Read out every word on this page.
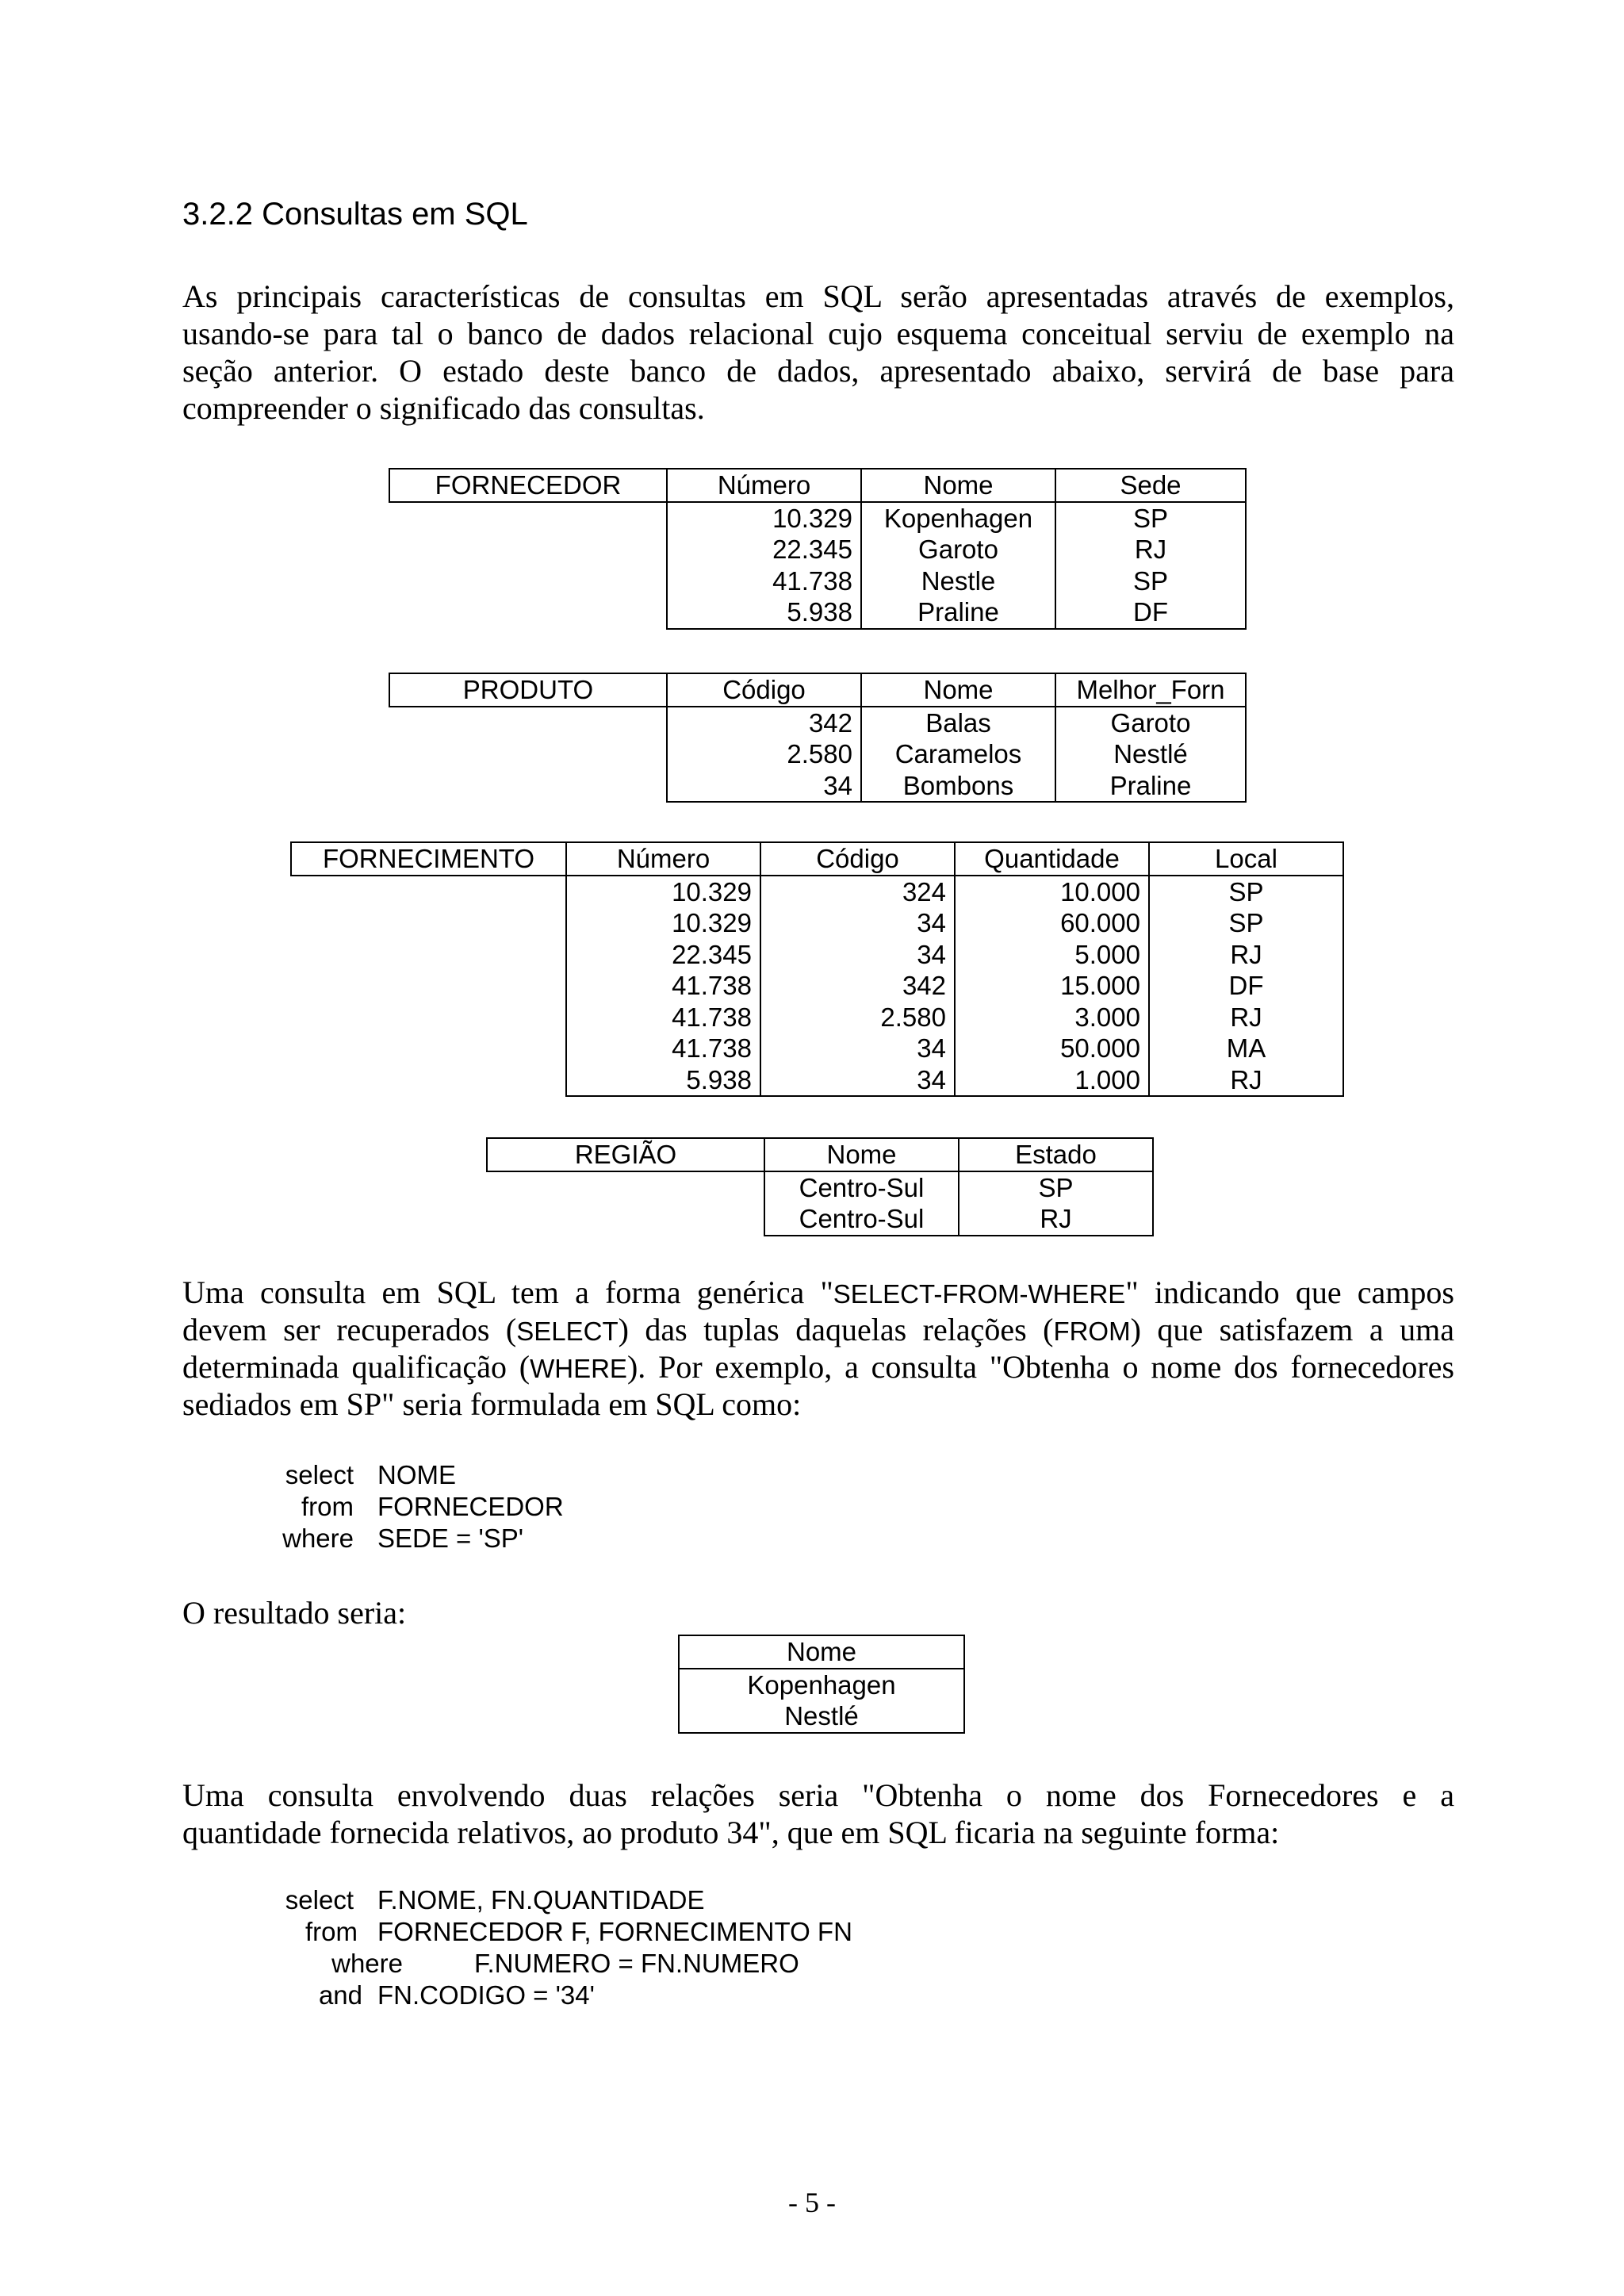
3.2.2 Consultas em SQL
As principais características de consultas em SQL serão apresentadas através de exemplos,
usando-se para tal o banco de dados relacional cujo esquema conceitual serviu de exemplo na
seção anterior. O estado deste banco de dados, apresentado abaixo, servirá de base para
compreender o significado das consultas.
FORNECEDOR	Número	Nome	Sede
	10.329	Kopenhagen	SP
	22.345	Garoto	RJ
	41.738	Nestle	SP
	5.938	Praline	DF
PRODUTO	Código	Nome	Melhor_Forn
	342	Balas	Garoto
	2.580	Caramelos	Nestlé
	34	Bombons	Praline
FORNECIMENTO	Número	Código	Quantidade	Local
	10.329	324	10.000	SP
	10.329	34	60.000	SP
	22.345	34	5.000	RJ
	41.738	342	15.000	DF
	41.738	2.580	3.000	RJ
	41.738	34	50.000	MA
	5.938	34	1.000	RJ
REGIÃO	Nome	Estado
	Centro-Sul	SP
	Centro-Sul	RJ
Uma consulta em SQL tem a forma genérica "SELECT-FROM-WHERE" indicando que campos
devem ser recuperados (SELECT) das tuplas daquelas relações (FROM) que satisfazem a uma
determinada qualificação (WHERE). Por exemplo, a consulta "Obtenha o nome dos fornecedores
sediados em SP" seria formulada em SQL como:
select NOME
from FORNECEDOR
where SEDE = 'SP'
O resultado seria:
Nome
Kopenhagen
Nestlé
Uma consulta envolvendo duas relações seria "Obtenha o nome dos Fornecedores e a
quantidade fornecida relativos, ao produto 34", que em SQL ficaria na seguinte forma:
select F.NOME, FN.QUANTIDADE
from FORNECEDOR F, FORNECIMENTO FN
where	F.NUMERO = FN.NUMERO
and FN.CODIGO = '34'
- 5 -
